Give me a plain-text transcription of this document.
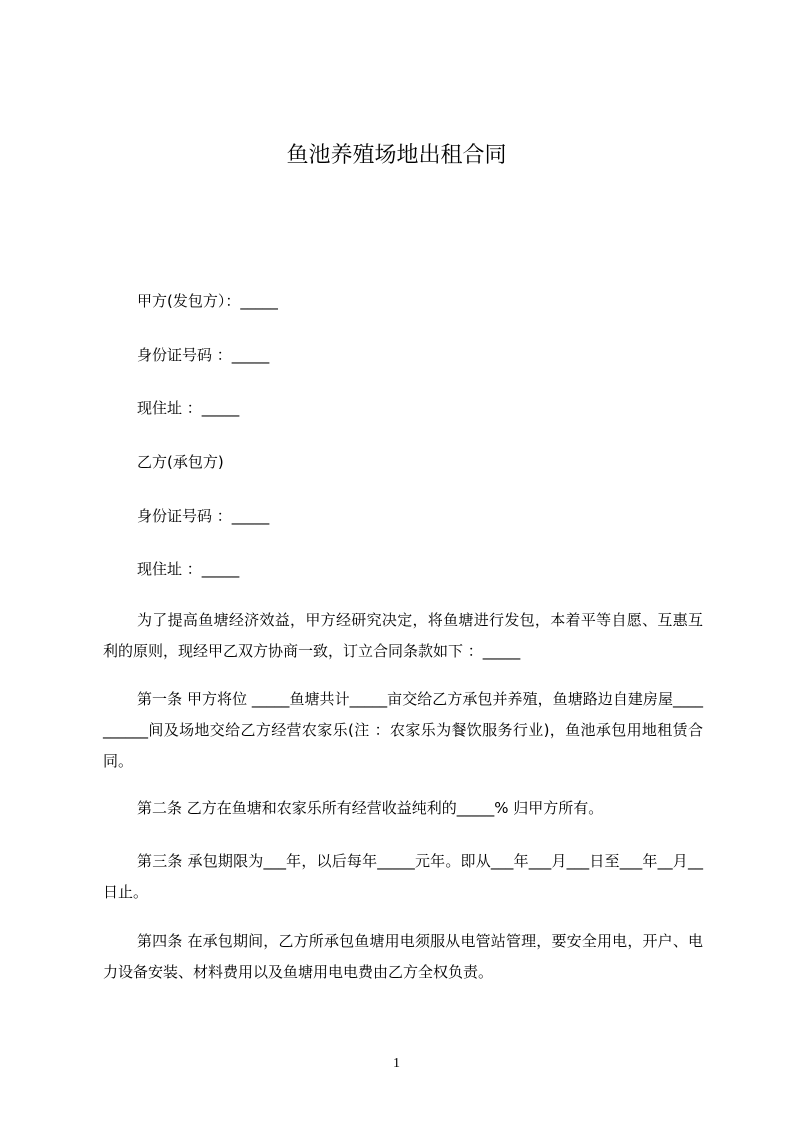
鱼池养殖场地出租合同

甲方(发包方）：_____

身份证号码 ：_____

现住址 ：_____

乙方(承包方)

身份证号码 ：_____

现住址 ：_____

为了提高鱼塘经济效益，甲方经研究决定，将鱼塘进行发包，本着平等自愿、互惠互利的原则，现经甲乙双方协商一致，订立合同条款如下 ：_____

第一条 甲方将位 _____鱼塘共计_____亩交给乙方承包并养殖，鱼塘路边自建房屋__________间及场地交给乙方经营农家乐(注 ：农家乐为餐饮服务行业)，鱼池承包用地租赁合同。

第二条 乙方在鱼塘和农家乐所有经营收益纯利的_____% 归甲方所有。

第三条 承包期限为___年，以后每年_____元年。即从___年___月___日至___年__月__日止。

第四条 在承包期间，乙方所承包鱼塘用电须服从电管站管理，要安全用电，开户、电力设备安装、材料费用以及鱼塘用电电费由乙方全权负责。

1
